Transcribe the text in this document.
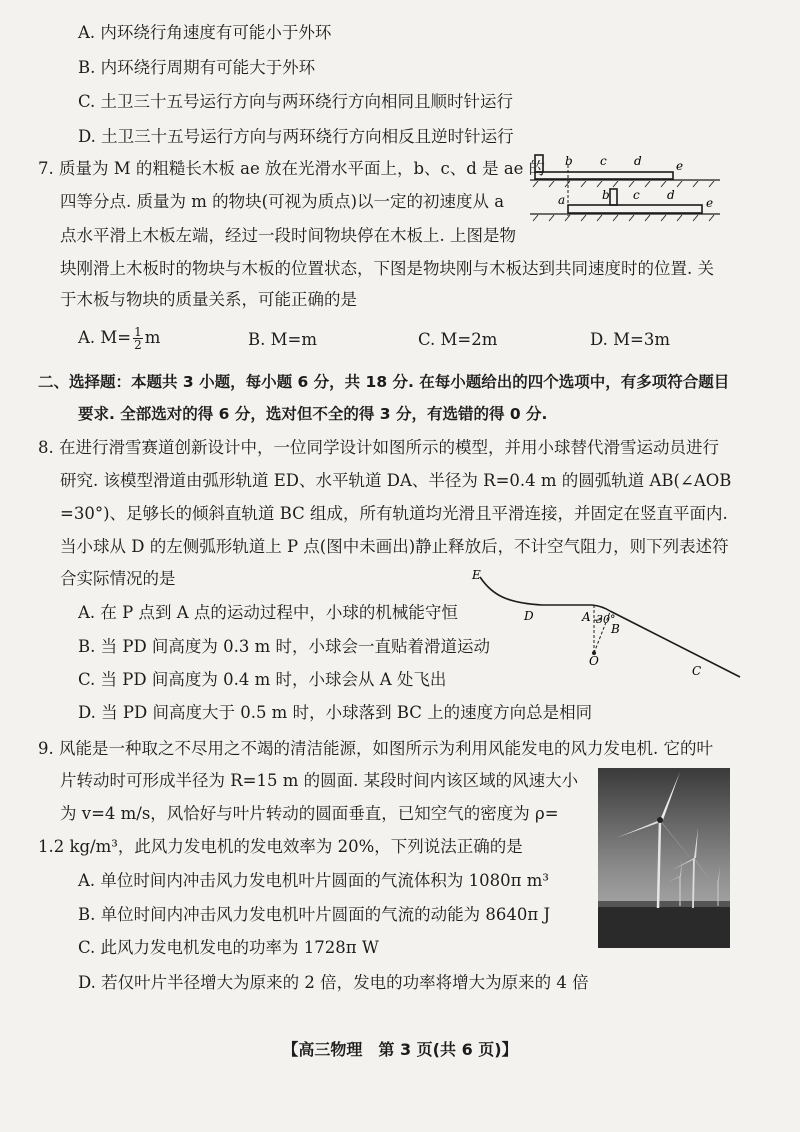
A. 内环绕行角速度有可能小于外环
B. 内环绕行周期有可能大于外环
C. 土卫三十五号运行方向与两环绕行方向相同且顺时针运行
D. 土卫三十五号运行方向与两环绕行方向相反且逆时针运行
7. 质量为 M 的粗糙长木板 ae 放在光滑水平面上，b、c、d 是 ae 的
四等分点. 质量为 m 的物块(可视为质点)以一定的初速度从 a
点水平滑上木板左端，经过一段时间物块停在木板上. 上图是物
块刚滑上木板时的物块与木板的位置状态，下图是物块刚与木板达到共同速度时的位置. 关
于木板与物块的质量关系，可能正确的是
b c d	e
a	b c d
e
A. $M= \frac{1}{2}$ m	B. M=m	C. M=2m	D. M=3m
二、选择题：本题共 3 小题，每小题 6 分，共 18 分. 在每小题给出的四个选项中，有多项符合题目
要求. 全部选对的得 6 分，选对但不全的得 3 分，有选错的得 0 分.
8. 在进行滑雪赛道创新设计中，一位同学设计如图所示的模型，并用小球替代滑雪运动员进行
研究. 该模型滑道由弧形轨道 ED、水平轨道 DA、半径为 R=0.4 m 的圆弧轨道 AB(∠AOB
=30°)、足够长的倾斜直轨道 BC 组成，所有轨道均光滑且平滑连接，并固定在竖直平面内.
当小球从 D 的左侧弧形轨道上 P 点(图中未画出)静止释放后，不计空气阻力，则下列表述符
合实际情况的是
A. 在 P 点到 A 点的运动过程中，小球的机械能守恒
B. 当 PD 间高度为 0.3 m 时，小球会一直贴着滑道运动
C. 当 PD 间高度为 0.4 m 时，小球会从 A 处飞出
D. 当 PD 间高度大于 0.5 m 时，小球落到 BC 上的速度方向总是相同
E
D	A 30°
B
O
C
9. 风能是一种取之不尽用之不竭的清洁能源，如图所示为利用风能发电的风力发电机. 它的叶
片转动时可形成半径为 R=15 m 的圆面. 某段时间内该区域的风速大小
为 v=4 m/s，风恰好与叶片转动的圆面垂直，已知空气的密度为 ρ=
1.2 kg/m³，此风力发电机的发电效率为 20%，下列说法正确的是
A. 单位时间内冲击风力发电机叶片圆面的气流体积为 1080π m³
B. 单位时间内冲击风力发电机叶片圆面的气流的动能为 8640π J
C. 此风力发电机发电的功率为 1728π W
D. 若仅叶片半径增大为原来的 2 倍，发电的功率将增大为原来的 4 倍
【高三物理　第 3 页(共 6 页)】
